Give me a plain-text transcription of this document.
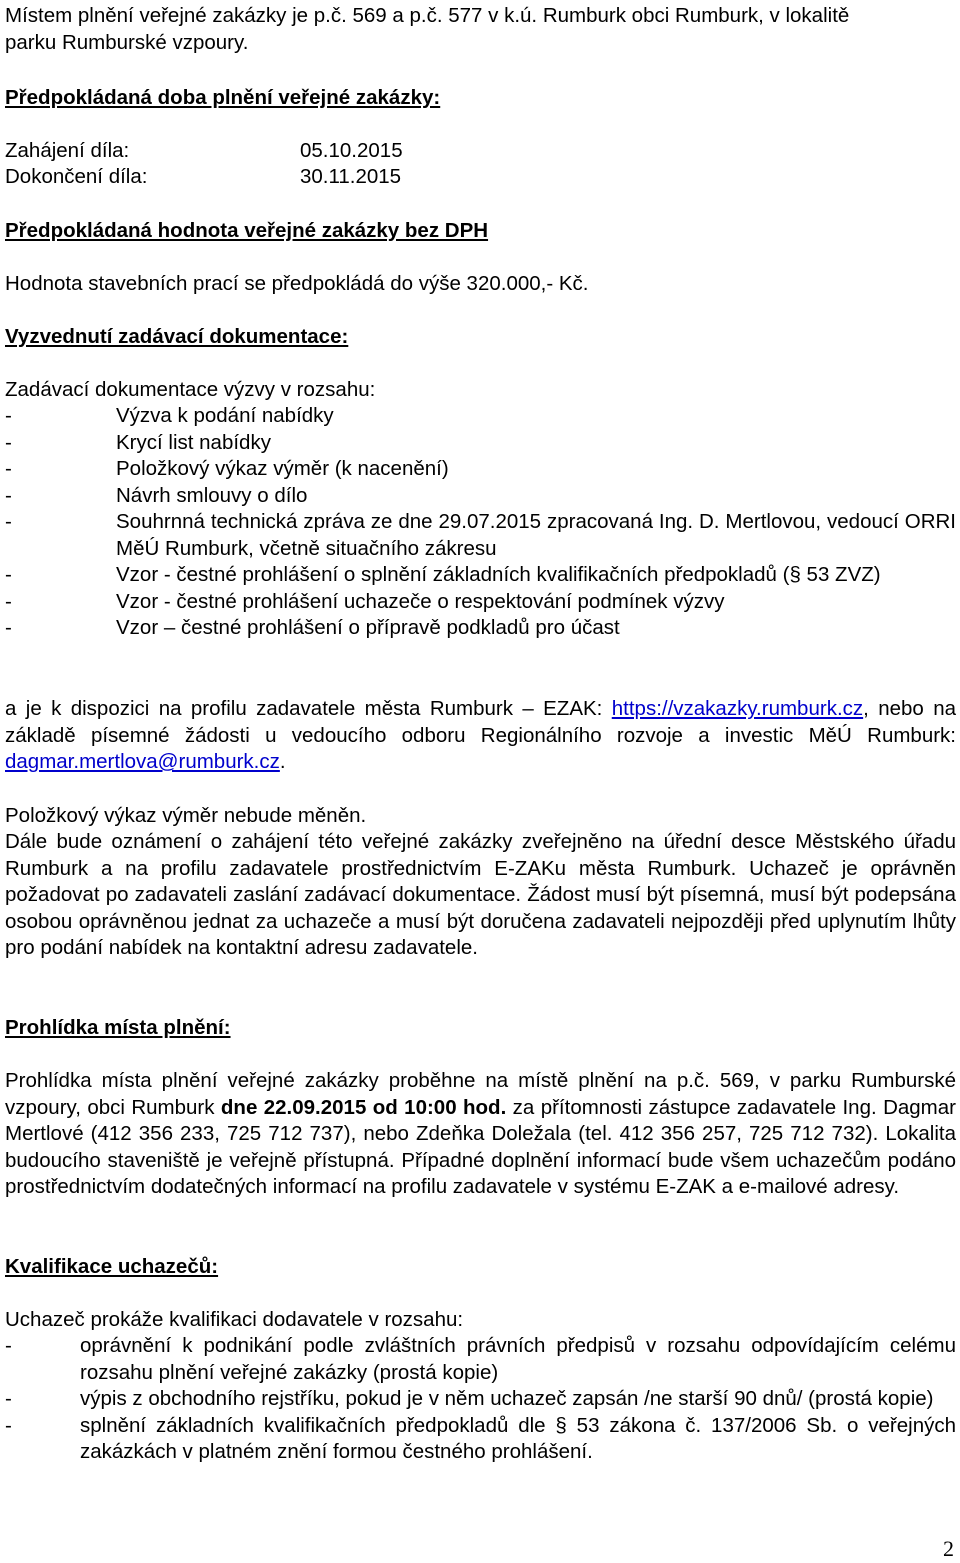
Místem plnění veřejné zakázky je p.č. 569 a p.č. 577 v k.ú. Rumburk obci Rumburk, v lokalitě

parku Rumburské vzpoury.

Předpokládaná doba plnění veřejné zakázky:

Zahájení díla:	05.10.2015
Dokončení díla:	30.11.2015

Předpokládaná hodnota veřejné zakázky bez DPH

Hodnota stavebních prací se předpokládá do výše 320.000,- Kč.

Vyzvednutí zadávací dokumentace:

Zadávací dokumentace výzvy v rozsahu:

-	Výzva k podání nabídky
-	Krycí list nabídky
-	Položkový výkaz výměr (k nacenění)
-	Návrh smlouvy o dílo
-	Souhrnná technická zpráva ze dne 29.07.2015 zpracovaná Ing. D. Mertlovou, vedoucí ORRI MěÚ Rumburk, včetně situačního zákresu
-	Vzor - čestné prohlášení o splnění základních kvalifikačních předpokladů (§ 53 ZVZ)
-	Vzor - čestné prohlášení uchazeče o respektování podmínek výzvy
-	Vzor – čestné prohlášení o přípravě podkladů pro účast

a je k dispozici na profilu zadavatele města Rumburk – EZAK: https://vzakazky.rumburk.cz, nebo na základě písemné žádosti u vedoucího odboru Regionálního rozvoje a investic MěÚ Rumburk: dagmar.mertlova@rumburk.cz.

Položkový výkaz výměr nebude měněn.

Dále bude oznámení o zahájení této veřejné zakázky zveřejněno na úřední desce Městského úřadu Rumburk a na profilu zadavatele prostřednictvím E-ZAKu města Rumburk. Uchazeč je oprávněn požadovat po zadavateli zaslání zadávací dokumentace. Žádost musí být písemná, musí být podepsána osobou oprávněnou jednat za uchazeče a musí být doručena zadavateli nejpozději před uplynutím lhůty pro podání nabídek na kontaktní adresu zadavatele.

Prohlídka místa plnění:

Prohlídka místa plnění veřejné zakázky proběhne na místě plnění na p.č. 569, v parku Rumburské vzpoury, obci Rumburk dne 22.09.2015 od 10:00 hod. za přítomnosti zástupce zadavatele Ing. Dagmar Mertlové (412 356 233, 725 712 737), nebo Zdeňka Doležala (tel. 412 356 257, 725 712 732). Lokalita budoucího staveniště je veřejně přístupná. Případné doplnění informací bude všem uchazečům podáno prostřednictvím dodatečných informací na profilu zadavatele v systému E-ZAK a e-mailové adresy.

Kvalifikace uchazečů:

Uchazeč prokáže kvalifikaci dodavatele v rozsahu:

-	oprávnění k podnikání podle zvláštních právních předpisů v rozsahu odpovídajícím celému rozsahu plnění veřejné zakázky (prostá kopie)
-	výpis z obchodního rejstříku, pokud je v něm uchazeč zapsán /ne starší 90 dnů/ (prostá kopie)
-	splnění základních kvalifikačních předpokladů dle § 53 zákona č. 137/2006 Sb. o veřejných zakázkách v platném znění formou čestného prohlášení.
2
